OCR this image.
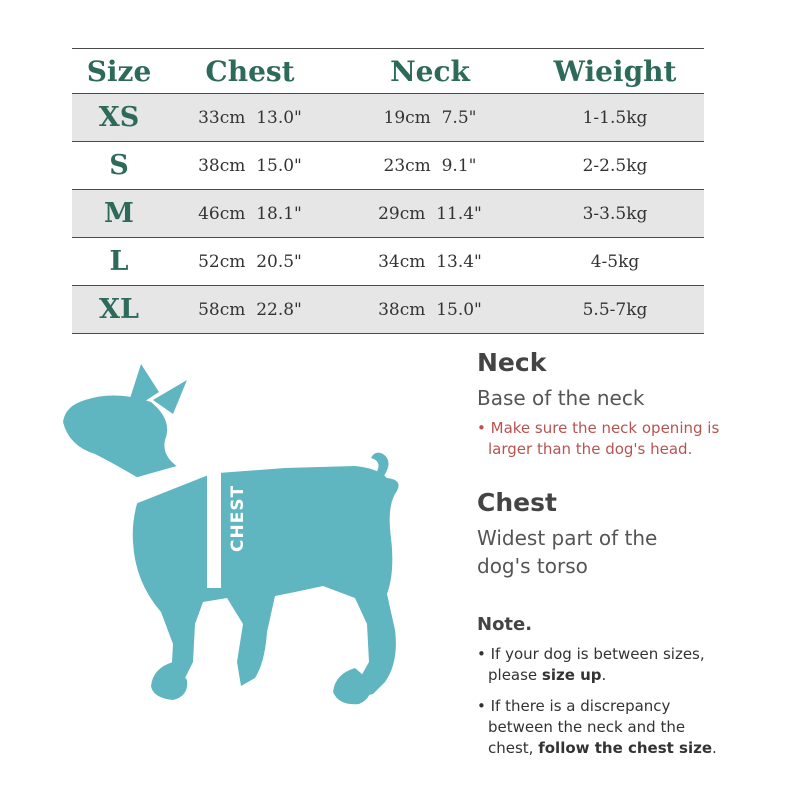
Size	Chest	Neck	Wieight
XS	33cm  13.0"	19cm  7.5"	1-1.5kg
S	38cm  15.0"	23cm  9.1"	2-2.5kg
M	46cm  18.1"	29cm  11.4"	3-3.5kg
L	52cm  20.5"	34cm  13.4"	4-5kg
XL	58cm  22.8"	38cm  15.0"	5.5-7kg
NECK
CHEST
Neck
Base of the neck
• Make sure the neck opening is
larger than the dog's head.
Chest
Widest part of the
dog's torso
Note.
• If your dog is between sizes,
please size up.
• If there is a discrepancy
between the neck and the
chest, follow the chest size.
